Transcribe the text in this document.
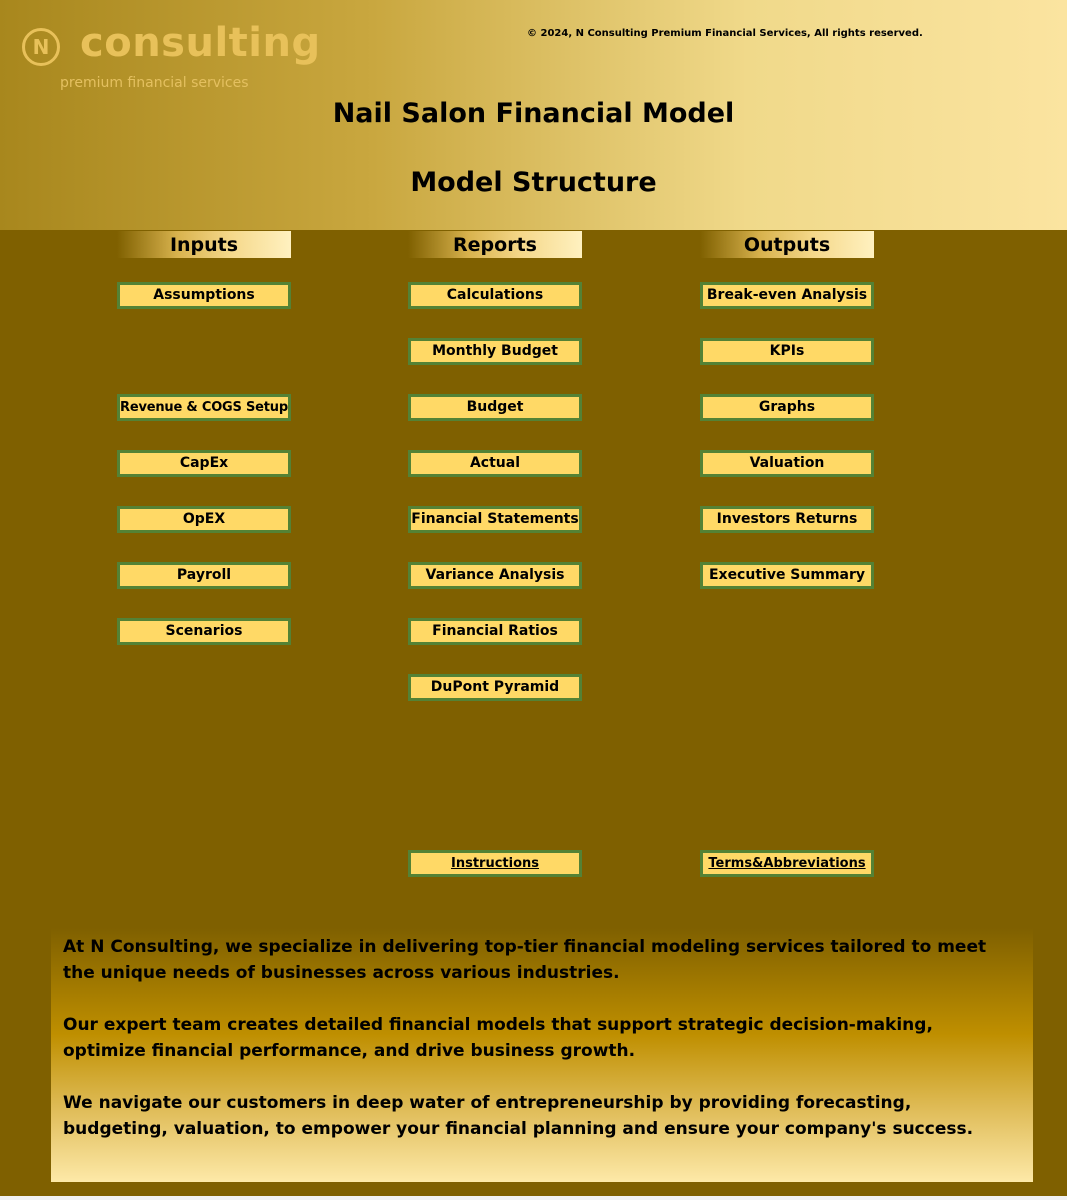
N consulting
premium financial services
© 2024, N Consulting Premium Financial Services, All rights reserved.
Nail Salon Financial Model
Model Structure
Inputs	Reports	Outputs
Assumptions
Revenue & COGS Setup
CapEx
OpEX
Payroll
Scenarios
Calculations
Monthly Budget
Budget
Actual
Financial Statements
Variance Analysis
Financial Ratios
DuPont Pyramid
Instructions
Break-even Analysis
KPIs
Graphs
Valuation
Investors Returns
Executive Summary
Terms&Abbreviations

At N Consulting, we specialize in delivering top-tier financial modeling services tailored to meet the unique needs of businesses across various industries.

Our expert team creates detailed financial models that support strategic decision-making, optimize financial performance, and drive business growth.

We navigate our customers in deep water of entrepreneurship by providing forecasting, budgeting, valuation, to empower your financial planning and ensure your company's success.
